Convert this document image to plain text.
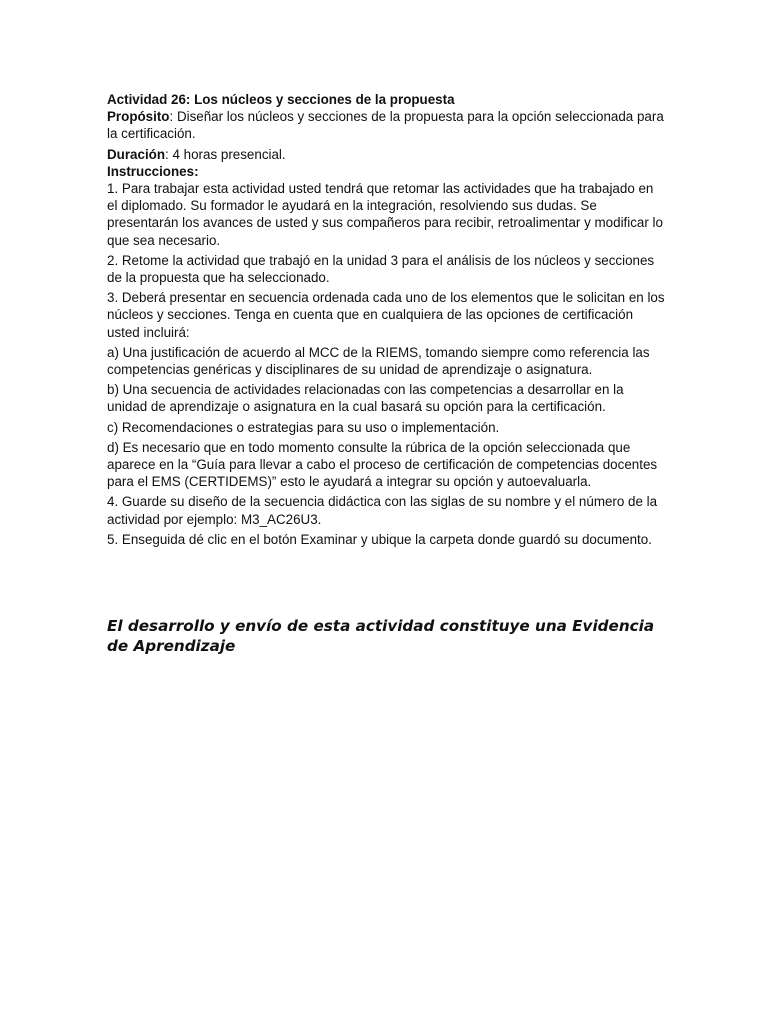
Actividad 26: Los núcleos y secciones de la propuesta
Propósito: Diseñar los núcleos y secciones de la propuesta para la opción seleccionada para la certificación.
Duración: 4 horas presencial.
Instrucciones:
1. Para trabajar esta actividad usted tendrá que retomar las actividades que ha trabajado en el diplomado. Su formador le ayudará en la integración, resolviendo sus dudas. Se presentarán los avances de usted y sus compañeros para recibir, retroalimentar y modificar lo que sea necesario.
2. Retome la actividad que trabajó en la unidad 3 para el análisis de los núcleos y secciones de la propuesta que ha seleccionado.
3. Deberá presentar en secuencia ordenada cada uno de los elementos que le solicitan en los núcleos y secciones. Tenga en cuenta que en cualquiera de las opciones de certificación usted incluirá:
a) Una justificación de acuerdo al MCC de la RIEMS, tomando siempre como referencia las competencias genéricas y disciplinares de su unidad de aprendizaje o asignatura.
b) Una secuencia de actividades relacionadas con las competencias a desarrollar en la unidad de aprendizaje o asignatura en la cual basará su opción para la certificación.
c) Recomendaciones o estrategias para su uso o implementación.
d) Es necesario que en todo momento consulte la rúbrica de la opción seleccionada que aparece en la “Guía para llevar a cabo el proceso de certificación de competencias docentes para el EMS (CERTIDEMS)” esto le ayudará a integrar su opción y autoevaluarla.
4. Guarde su diseño de la secuencia didáctica con las siglas de su nombre y el número de la actividad por ejemplo: M3_AC26U3.
5. Enseguida dé clic en el botón Examinar y ubique la carpeta donde guardó su documento.
El desarrollo y envío de esta actividad constituye una Evidencia de Aprendizaje
